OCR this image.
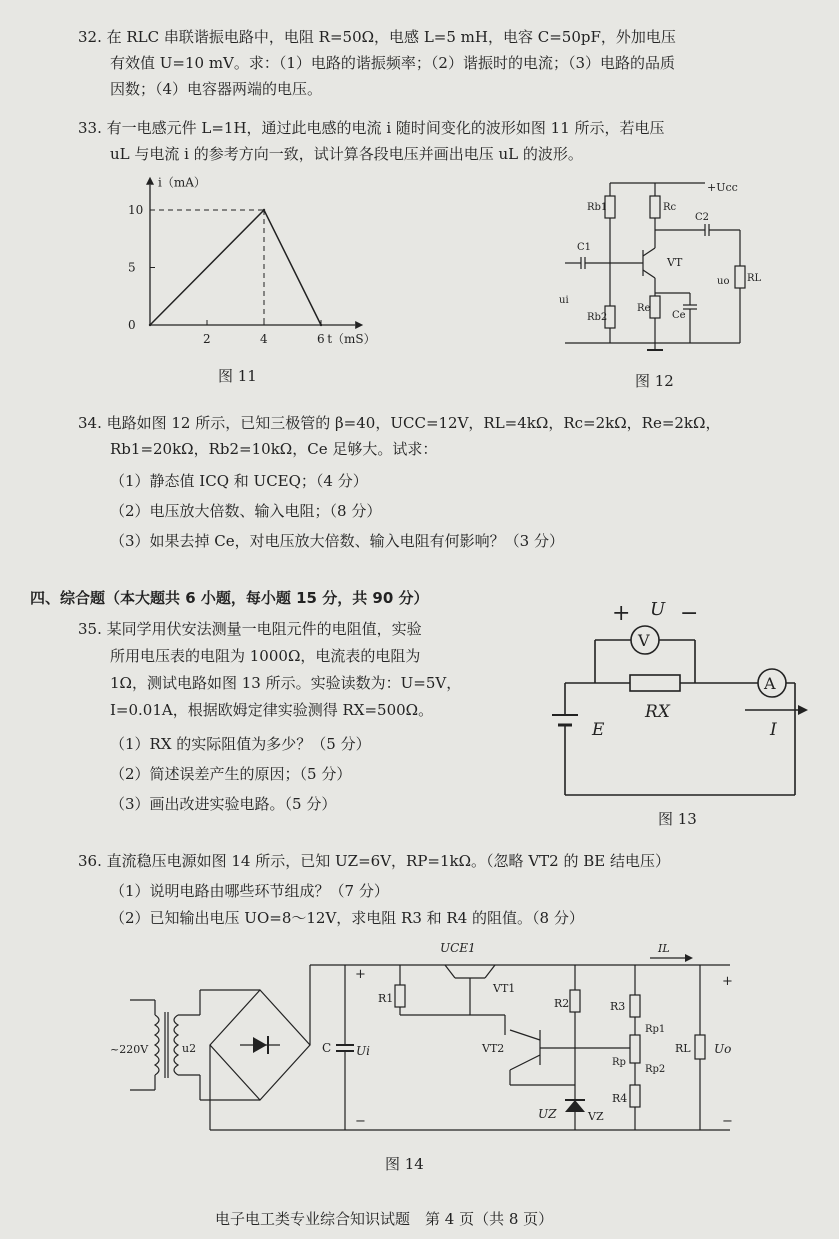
32. 在 RLC 串联谐振电路中，电阻 R=50Ω，电感 L=5 mH，电容 C=50pF，外加电压
有效值 U=10 mV。求：（1）电路的谐振频率；（2）谐振时的电流；（3）电路的品质
因数；（4）电容器两端的电压。
33. 有一电感元件 L=1H，通过此电感的电流 i 随时间变化的波形如图 11 所示，若电压
uL 与电流 i 的参考方向一致，试计算各段电压并画出电压 uL 的波形。
i（mA）
t（mS）
10
5
0
2	4	6
图 11
+Ucc
Rb1
Rb2
Rc
VT
Re
Ce
C2
RL
uo
C1
ui
图 12
34. 电路如图 12 所示，已知三极管的 β=40，UCC=12V，RL=4kΩ，Rc=2kΩ，Re=2kΩ，
Rb1=20kΩ，Rb2=10kΩ，Ce 足够大。试求：
（1）静态值 ICQ 和 UCEQ；（4 分）
（2）电压放大倍数、输入电阻；（8 分）
（3）如果去掉 Ce，对电压放大倍数、输入电阻有何影响？（3 分）
四、综合题（本大题共 6 小题，每小题 15 分，共 90 分）
35. 某同学用伏安法测量一电阻元件的电阻值，实验
所用电压表的电阻为 1000Ω，电流表的电阻为
1Ω，测试电路如图 13 所示。实验读数为：U=5V，
I=0.01A，根据欧姆定律实验测得 RX=500Ω。
（1）RX 的实际阻值为多少？（5 分）
（2）简述误差产生的原因；（5 分）
（3）画出改进实验电路。（5 分）
E
RX
V
+ U −
A
I
图 13
36. 直流稳压电源如图 14 所示，已知 UZ=6V，RP=1kΩ。（忽略 VT2 的 BE 结电压）
（1）说明电路由哪些环节组成？（7 分）
（2）已知输出电压 UO=8～12V，求电阻 R3 和 R4 的阻值。（8 分）
~220V	u2	C Ui
+
−
R1
UCE1
VT1
VT2
R2
VZ
UZ
R3
Rp1
Rp
Rp2
R4
RL Uo
IL
+
−
图 14
电子电工类专业综合知识试题　第 4 页（共 8 页）
